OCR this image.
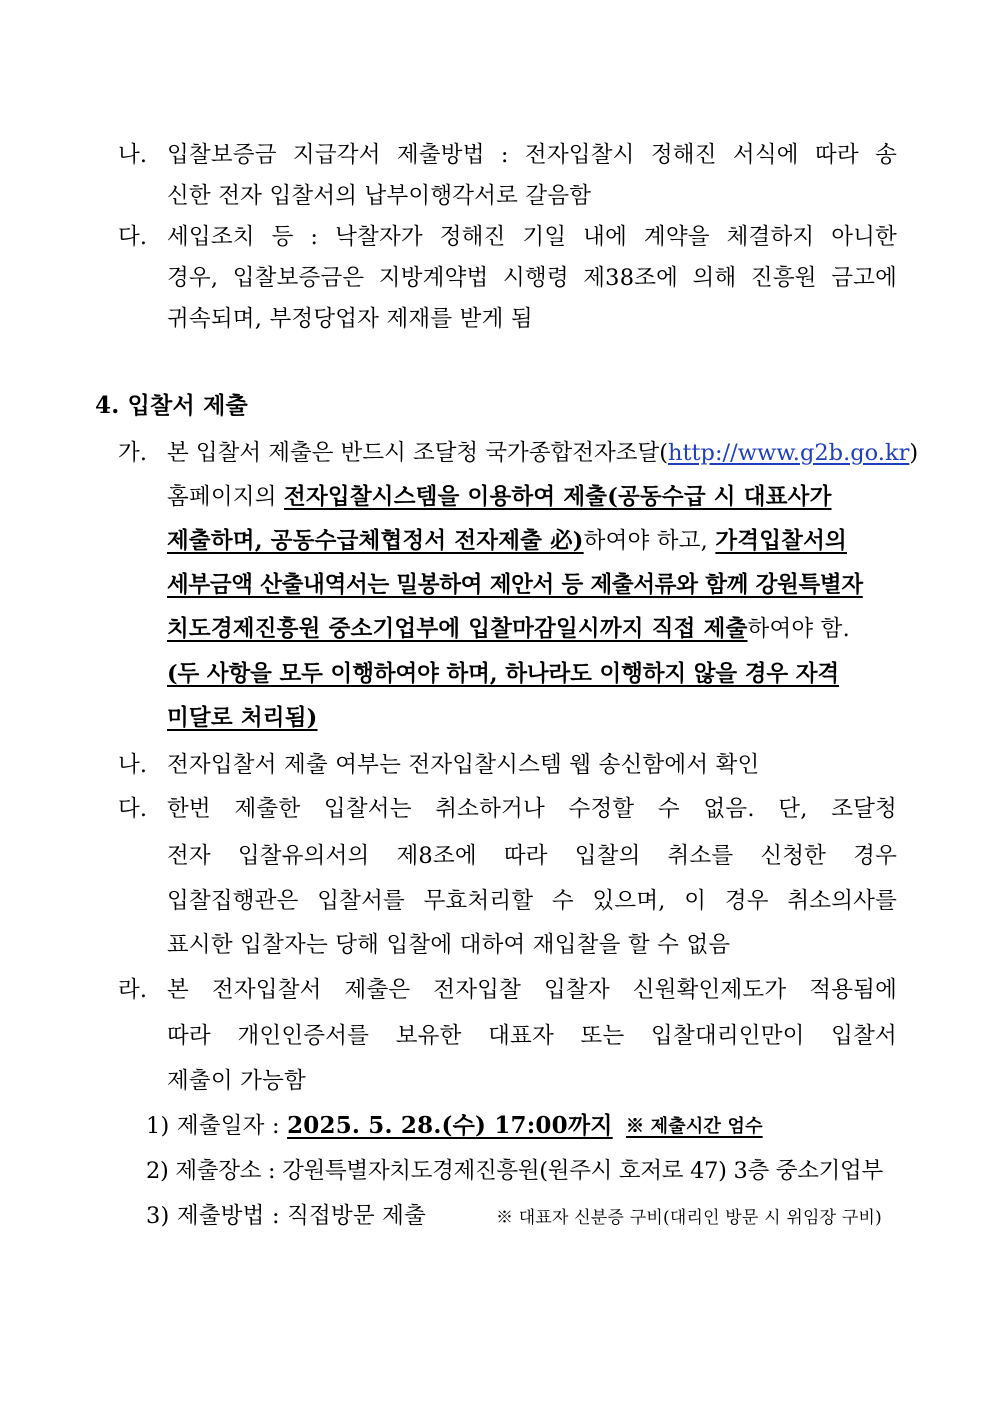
나. 입찰보증금 지급각서 제출방법 : 전자입찰시 정해진 서식에 따라 송
신한 전자 입찰서의 납부이행각서로 갈음함
다. 세입조치 등 : 낙찰자가 정해진 기일 내에 계약을 체결하지 아니한
경우, 입찰보증금은 지방계약법 시행령 제38조에 의해 진흥원 금고에
귀속되며, 부정당업자 제재를 받게 됨
4. 입찰서 제출
가. 본 입찰서 제출은 반드시 조달청 국가종합전자조달(http://www.g2b.go.kr)
홈페이지의 전자입찰시스템을 이용하여 제출(공동수급 시 대표사가
제출하며, 공동수급체협정서 전자제출 必)하여야 하고, 가격입찰서의
세부금액 산출내역서는 밀봉하여 제안서 등 제출서류와 함께 강원특별자
치도경제진흥원 중소기업부에 입찰마감일시까지 직접 제출하여야 함.
(두 사항을 모두 이행하여야 하며, 하나라도 이행하지 않을 경우 자격
미달로 처리됨)
나. 전자입찰서 제출 여부는 전자입찰시스템 웹 송신함에서 확인
다. 한번 제출한 입찰서는 취소하거나 수정할 수 없음. 단, 조달청
전자 입찰유의서의 제8조에 따라 입찰의 취소를 신청한 경우
입찰집행관은 입찰서를 무효처리할 수 있으며, 이 경우 취소의사를
표시한 입찰자는 당해 입찰에 대하여 재입찰을 할 수 없음
라. 본 전자입찰서 제출은 전자입찰 입찰자 신원확인제도가 적용됨에
따라 개인인증서를 보유한 대표자 또는 입찰대리인만이 입찰서
제출이 가능함
1) 제출일자 : 2025. 5. 28.(수) 17:00까지 ※ 제출시간 엄수
2) 제출장소 : 강원특별자치도경제진흥원(원주시 호저로 47) 3층 중소기업부
3) 제출방법 : 직접방문 제출	※ 대표자 신분증 구비(대리인 방문 시 위임장 구비)
